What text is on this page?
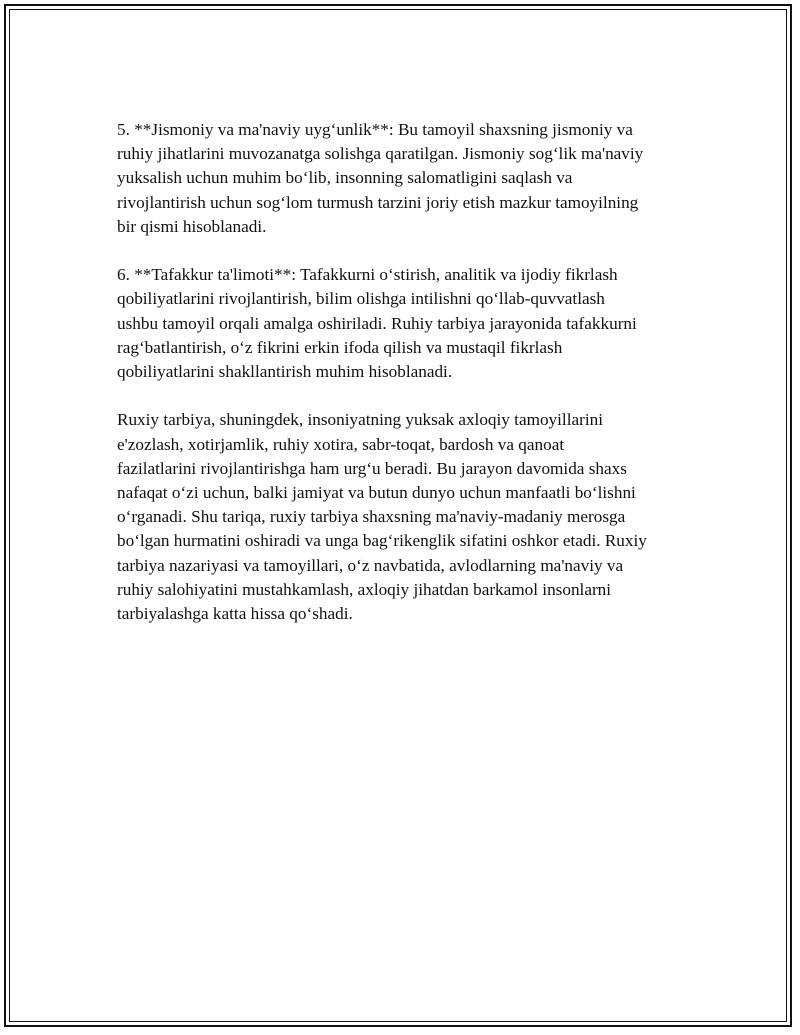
5. **Jismoniy va ma'naviy uyg‘unlik**: Bu tamoyil shaxsning jismoniy va
ruhiy jihatlarini muvozanatga solishga qaratilgan. Jismoniy sog‘lik ma'naviy
yuksalish uchun muhim bo‘lib, insonning salomatligini saqlash va
rivojlantirish uchun sog‘lom turmush tarzini joriy etish mazkur tamoyilning
bir qismi hisoblanadi.

6. **Tafakkur ta'limoti**: Tafakkurni o‘stirish, analitik va ijodiy fikrlash
qobiliyatlarini rivojlantirish, bilim olishga intilishni qo‘llab-quvvatlash
ushbu tamoyil orqali amalga oshiriladi. Ruhiy tarbiya jarayonida tafakkurni
rag‘batlantirish, o‘z fikrini erkin ifoda qilish va mustaqil fikrlash
qobiliyatlarini shakllantirish muhim hisoblanadi.

Ruxiy tarbiya, shuningdek, insoniyatning yuksak axloqiy tamoyillarini
e'zozlash, xotirjamlik, ruhiy xotira, sabr-toqat, bardosh va qanoat
fazilatlarini rivojlantirishga ham urg‘u beradi. Bu jarayon davomida shaxs
nafaqat o‘zi uchun, balki jamiyat va butun dunyo uchun manfaatli bo‘lishni
o‘rganadi. Shu tariqa, ruxiy tarbiya shaxsning ma'naviy-madaniy merosga
bo‘lgan hurmatini oshiradi va unga bag‘rikenglik sifatini oshkor etadi. Ruxiy
tarbiya nazariyasi va tamoyillari, o‘z navbatida, avlodlarning ma'naviy va
ruhiy salohiyatini mustahkamlash, axloqiy jihatdan barkamol insonlarni
tarbiyalashga katta hissa qo‘shadi.
